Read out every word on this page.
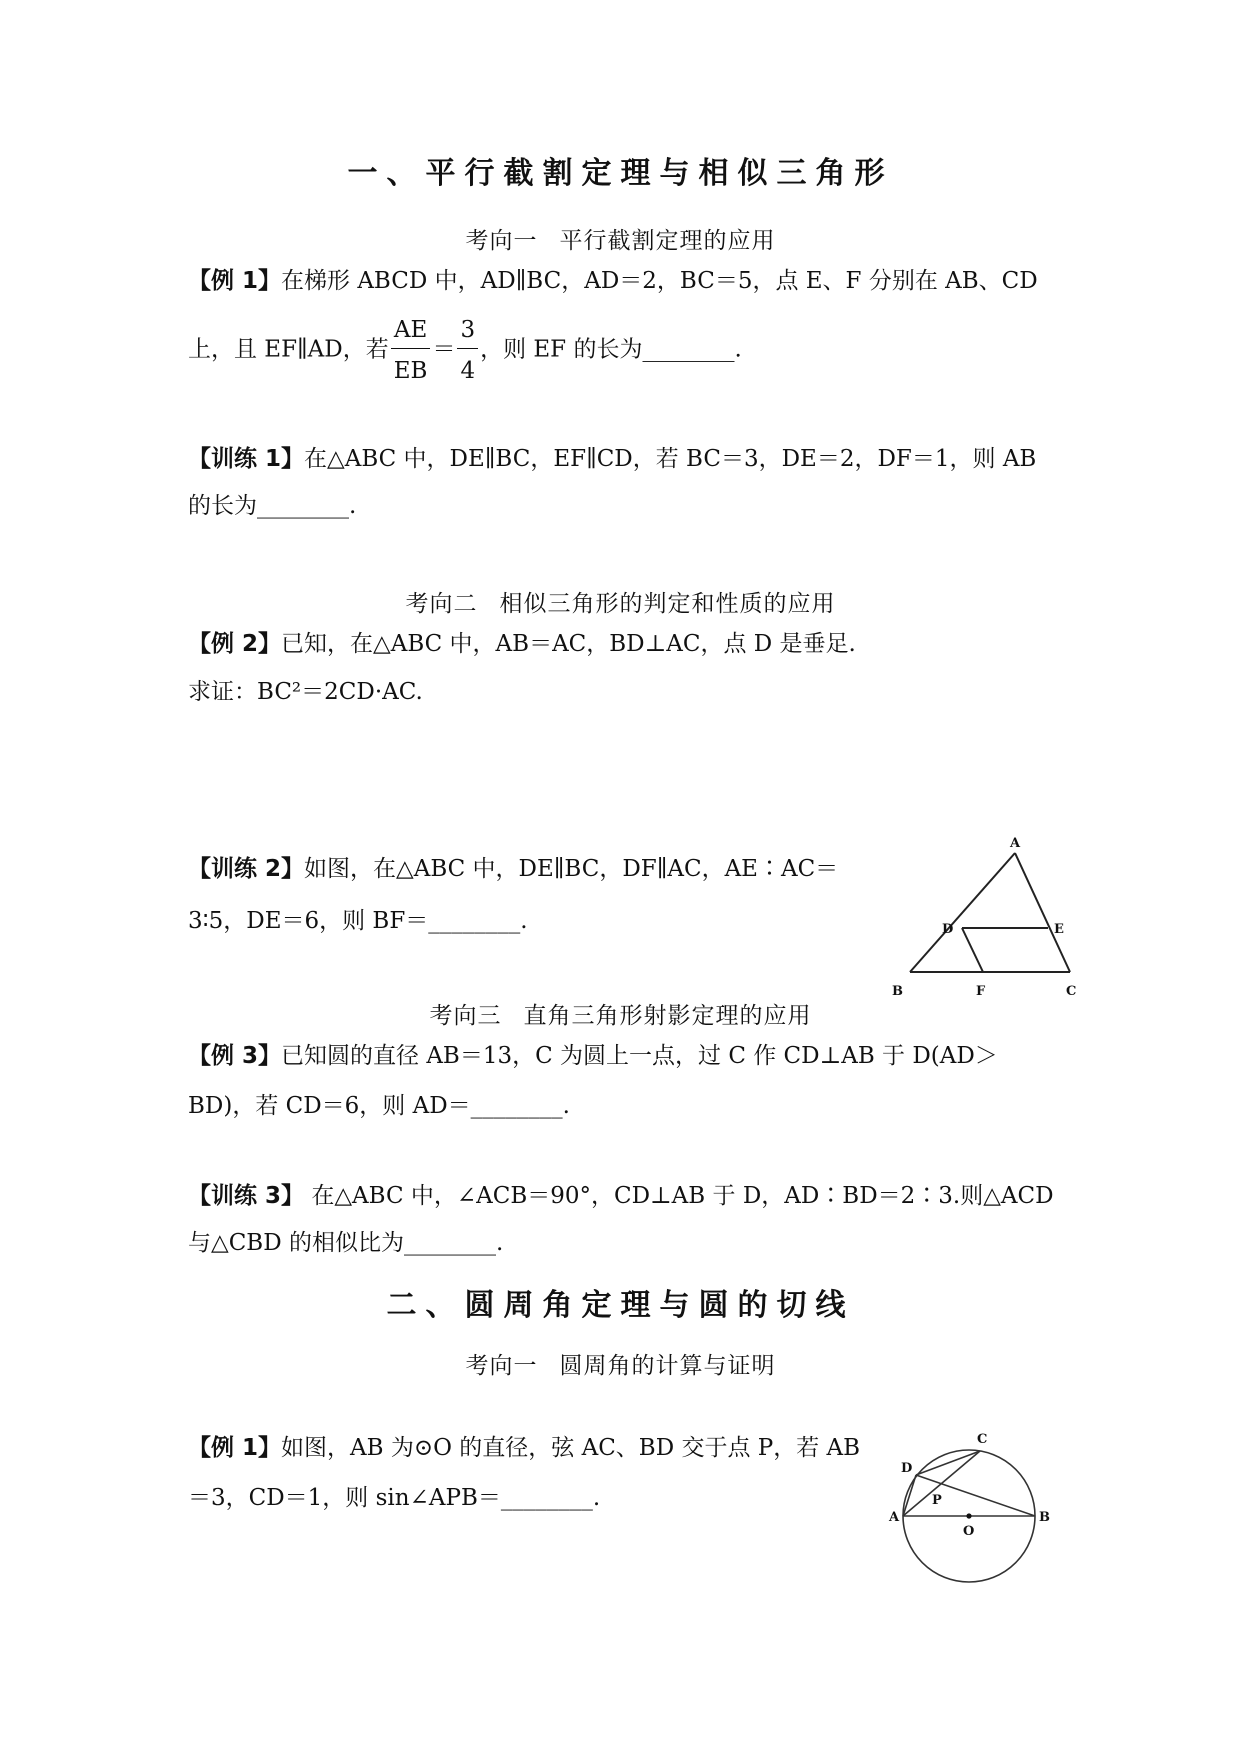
一、平行截割定理与相似三角形
考向一 平行截割定理的应用
【例 1】在梯形 ABCD 中，AD∥BC，AD＝2，BC＝5，点 E、F 分别在 AB、CD
上，且 EF∥AD，若 $\frac{AE}{EB} = \frac{3}{4}$ ，则 EF 的长为________.
【训练 1】在△ABC 中，DE∥BC，EF∥CD，若 BC＝3，DE＝2，DF＝1，则 AB
的长为________.
考向二 相似三角形的判定和性质的应用
【例 2】已知，在△ABC 中，AB＝AC，BD⊥AC，点 D 是垂足.
求证：BC²＝2CD·AC.
【训练 2】如图，在△ABC 中，DE∥BC，DF∥AC，AE∶AC＝
3∶5，DE＝6，则 BF＝________.
A
B	C
D	E
F
考向三 直角三角形射影定理的应用
【例 3】已知圆的直径 AB＝13，C 为圆上一点，过 C 作 CD⊥AB 于 D(AD＞
BD)，若 CD＝6，则 AD＝________.
【训练 3】 在△ABC 中，∠ACB＝90°，CD⊥AB 于 D，AD∶BD＝2∶3.则△ACD
与△CBD 的相似比为________.
二、圆周角定理与圆的切线
考向一 圆周角的计算与证明
【例 1】如图，AB 为⊙O 的直径，弦 AC、BD 交于点 P，若 AB
＝3，CD＝1，则 sin∠APB＝________.
A	B
C
D
P
O
